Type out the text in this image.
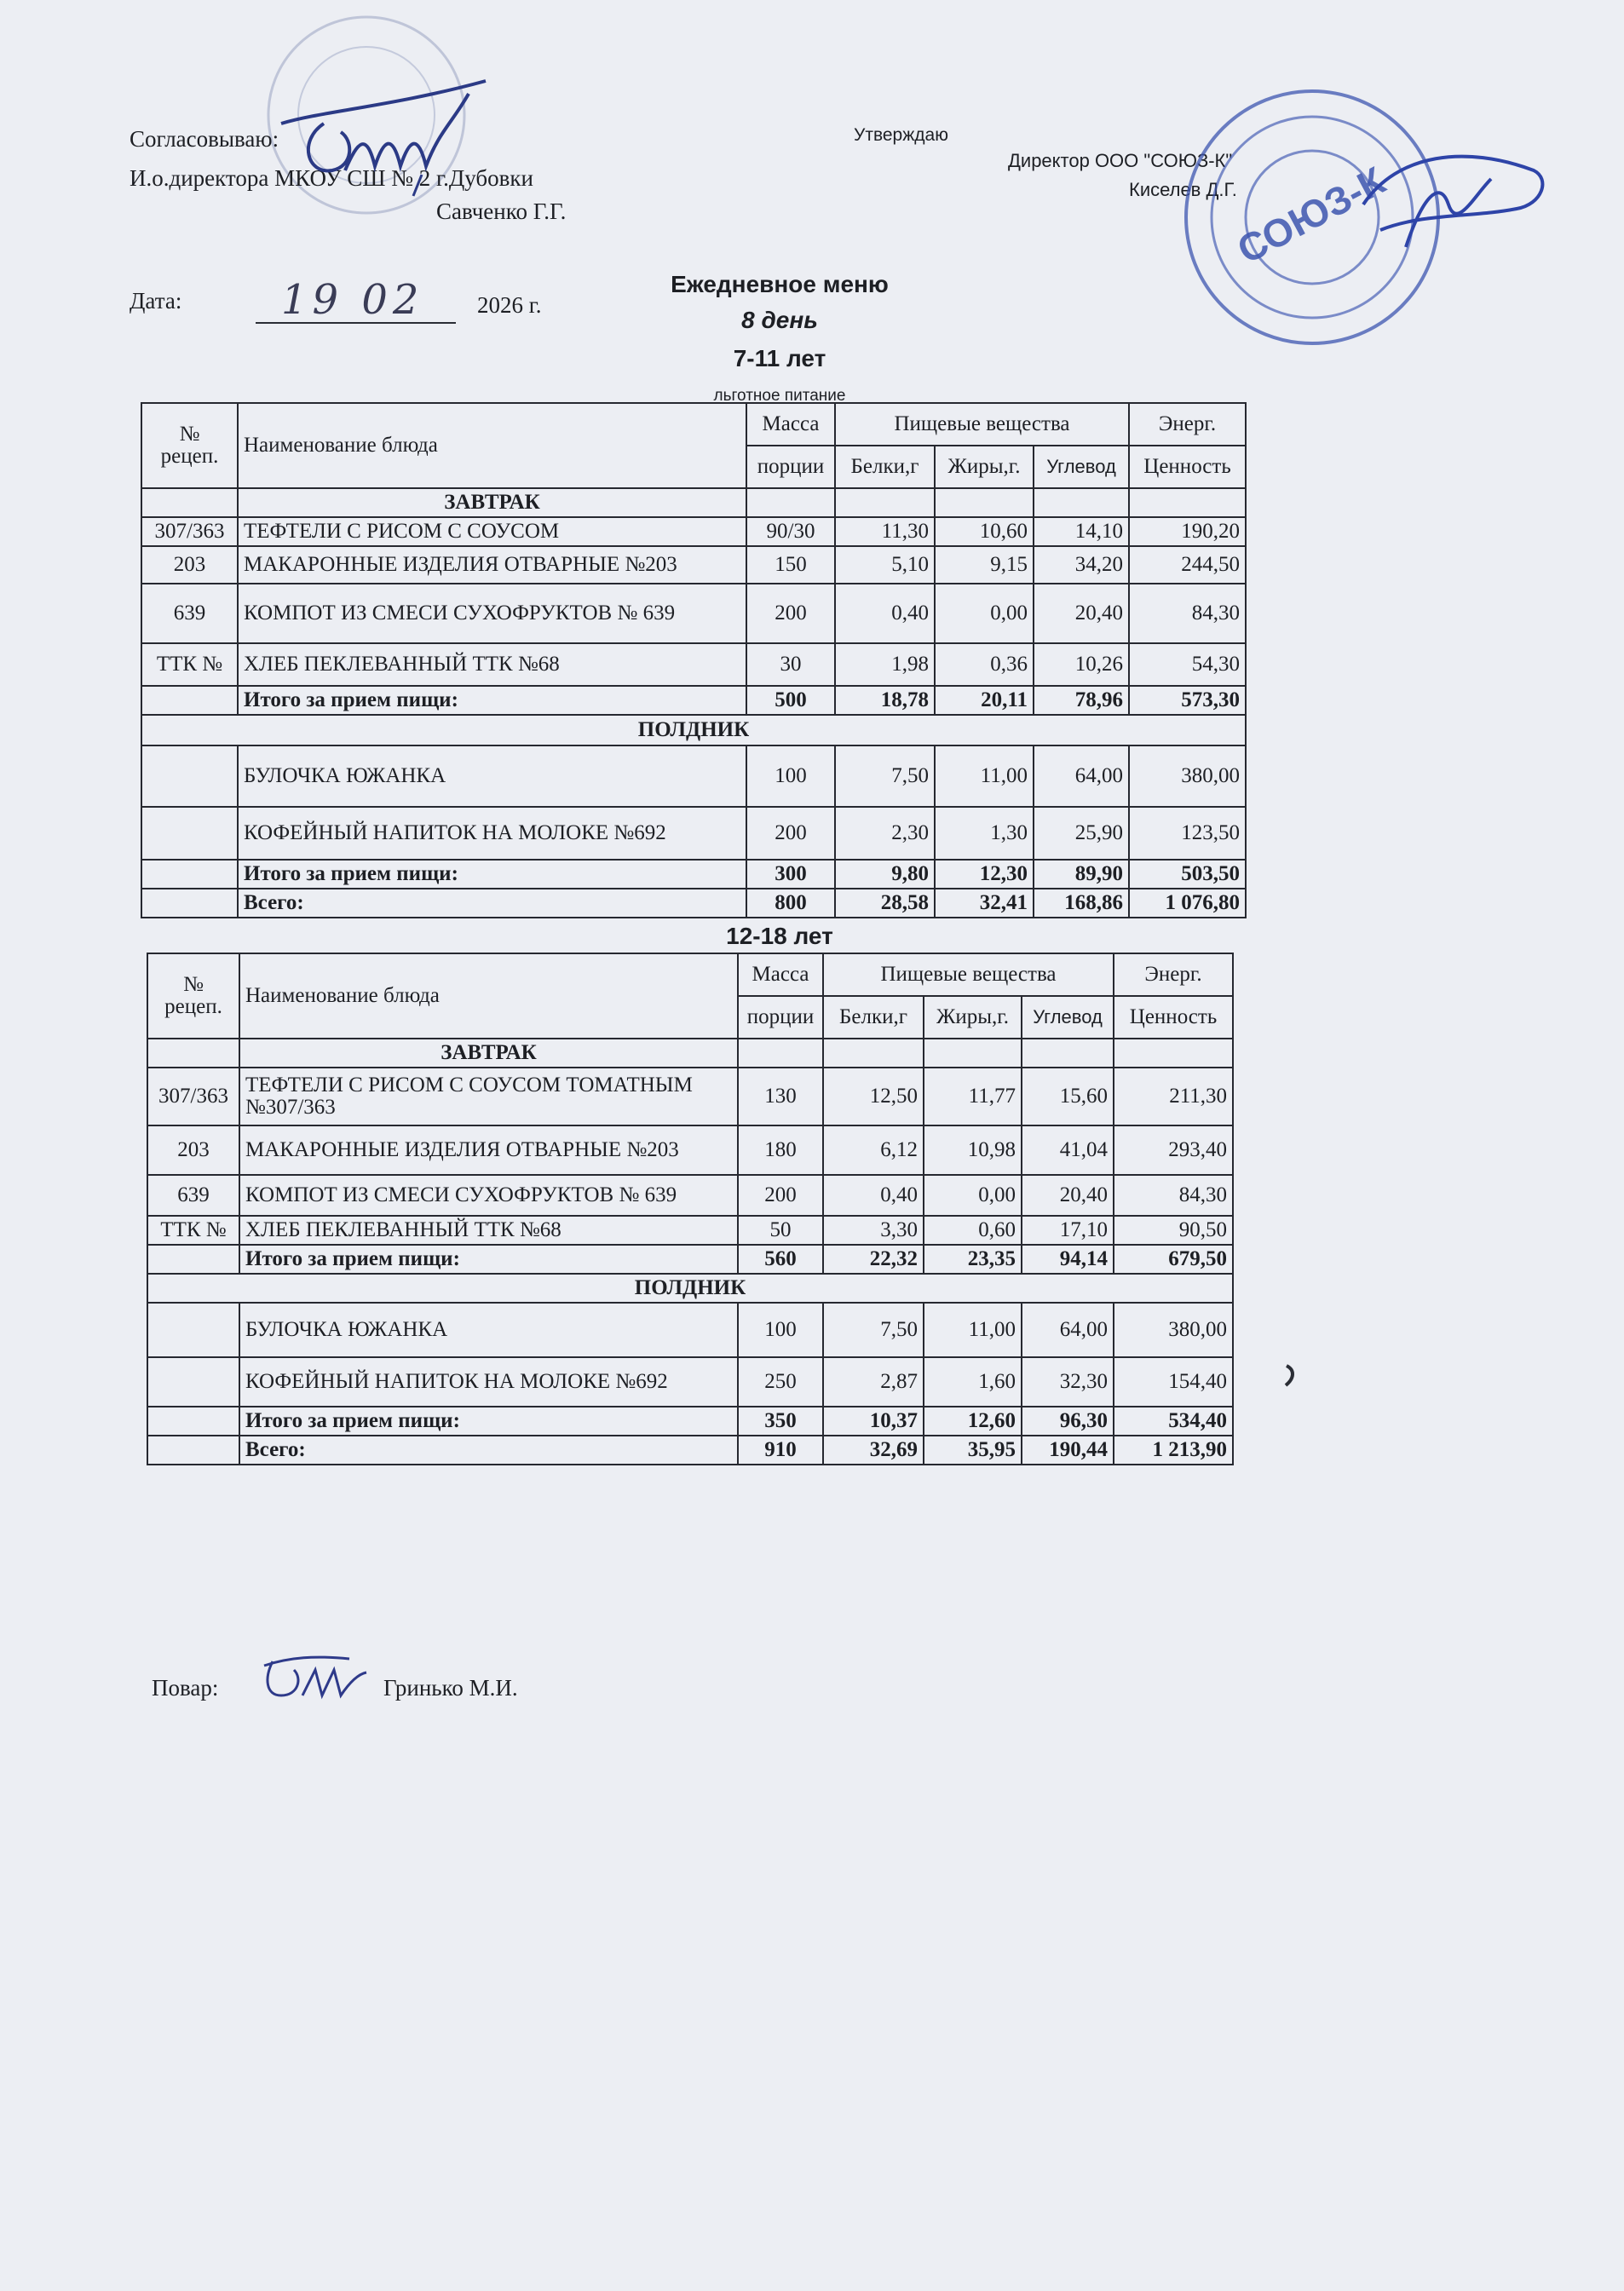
Согласовываю:
И.о.директора МКОУ СШ № 2 г.Дубовки
Савченко Г.Г.
Утверждаю
Директор ООО "СОЮЗ-К"
Киселев Д.Г.
СОЮЗ-К
Дата: 19 02 2026 г.
Ежедневное меню
8 день
7-11 лет
льготное питание
№
рецеп.	Наименование блюда	Масса	Пищевые вещества			Энерг.
		порции	Белки,г	Жиры,г.	Углевод	Ценность
	ЗАВТРАК					
307/363	ТЕФТЕЛИ С РИСОМ С СОУСОМ	90/30	11,30	10,60	14,10	190,20
203	МАКАРОННЫЕ ИЗДЕЛИЯ ОТВАРНЫЕ №203	150	5,10	9,15	34,20	244,50
639	КОМПОТ ИЗ СМЕСИ СУХОФРУКТОВ № 639	200	0,40	0,00	20,40	84,30
ТТК №	ХЛЕБ ПЕКЛЕВАННЫЙ ТТК №68	30	1,98	0,36	10,26	54,30
	Итого за прием пищи:	500	18,78	20,11	78,96	573,30
ПОЛДНИК						
	БУЛОЧКА ЮЖАНКА	100	7,50	11,00	64,00	380,00
	КОФЕЙНЫЙ НАПИТОК НА МОЛОКЕ №692	200	2,30	1,30	25,90	123,50
	Итого за прием пищи:	300	9,80	12,30	89,90	503,50
	Всего:	800	28,58	32,41	168,86	1 076,80
12-18 лет
№
рецеп.	Наименование блюда	Масса	Пищевые вещества			Энерг.
		порции	Белки,г	Жиры,г.	Углевод	Ценность
	ЗАВТРАК					
307/363	ТЕФТЕЛИ С РИСОМ С СОУСОМ ТОМАТНЫМ №307/363	130	12,50	11,77	15,60	211,30
203	МАКАРОННЫЕ ИЗДЕЛИЯ ОТВАРНЫЕ №203	180	6,12	10,98	41,04	293,40
639	КОМПОТ ИЗ СМЕСИ СУХОФРУКТОВ № 639	200	0,40	0,00	20,40	84,30
ТТК №	ХЛЕБ ПЕКЛЕВАННЫЙ ТТК №68	50	3,30	0,60	17,10	90,50
	Итого за прием пищи:	560	22,32	23,35	94,14	679,50
ПОЛДНИК						
	БУЛОЧКА ЮЖАНКА	100	7,50	11,00	64,00	380,00
	КОФЕЙНЫЙ НАПИТОК НА МОЛОКЕ №692	250	2,87	1,60	32,30	154,40
	Итого за прием пищи:	350	10,37	12,60	96,30	534,40
	Всего:	910	32,69	35,95	190,44	1 213,90
Повар:	Гринько М.И.
